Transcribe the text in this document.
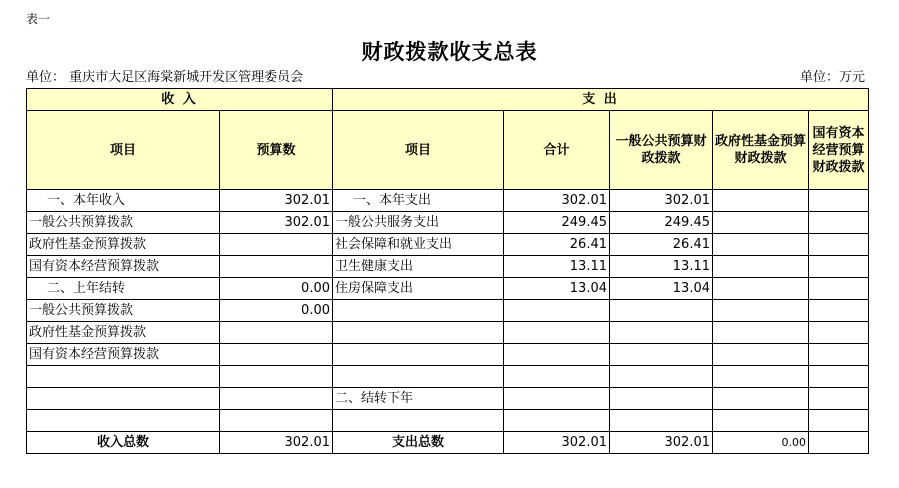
表一
财政拨款收支总表
单位： 重庆市大足区海棠新城开发区管理委员会	单位：万元
收 入		支 出				
项目	预算数	项目	合计	一般公共预算财政拨款	政府性基金预算财政拨款	国有资本经营预算财政拨款
一、本年收入	302.01	一、本年支出	302.01	302.01		
一般公共预算拨款	302.01	一般公共服务支出	249.45	249.45		
政府性基金预算拨款		社会保障和就业支出	26.41	26.41		
国有资本经营预算拨款		卫生健康支出	13.11	13.11		
二、上年结转	0.00	住房保障支出	13.04	13.04		
一般公共预算拨款	0.00					
政府性基金预算拨款						
国有资本经营预算拨款						

		二、结转下年				

收入总数	302.01	支出总数	302.01	302.01	0.00	
